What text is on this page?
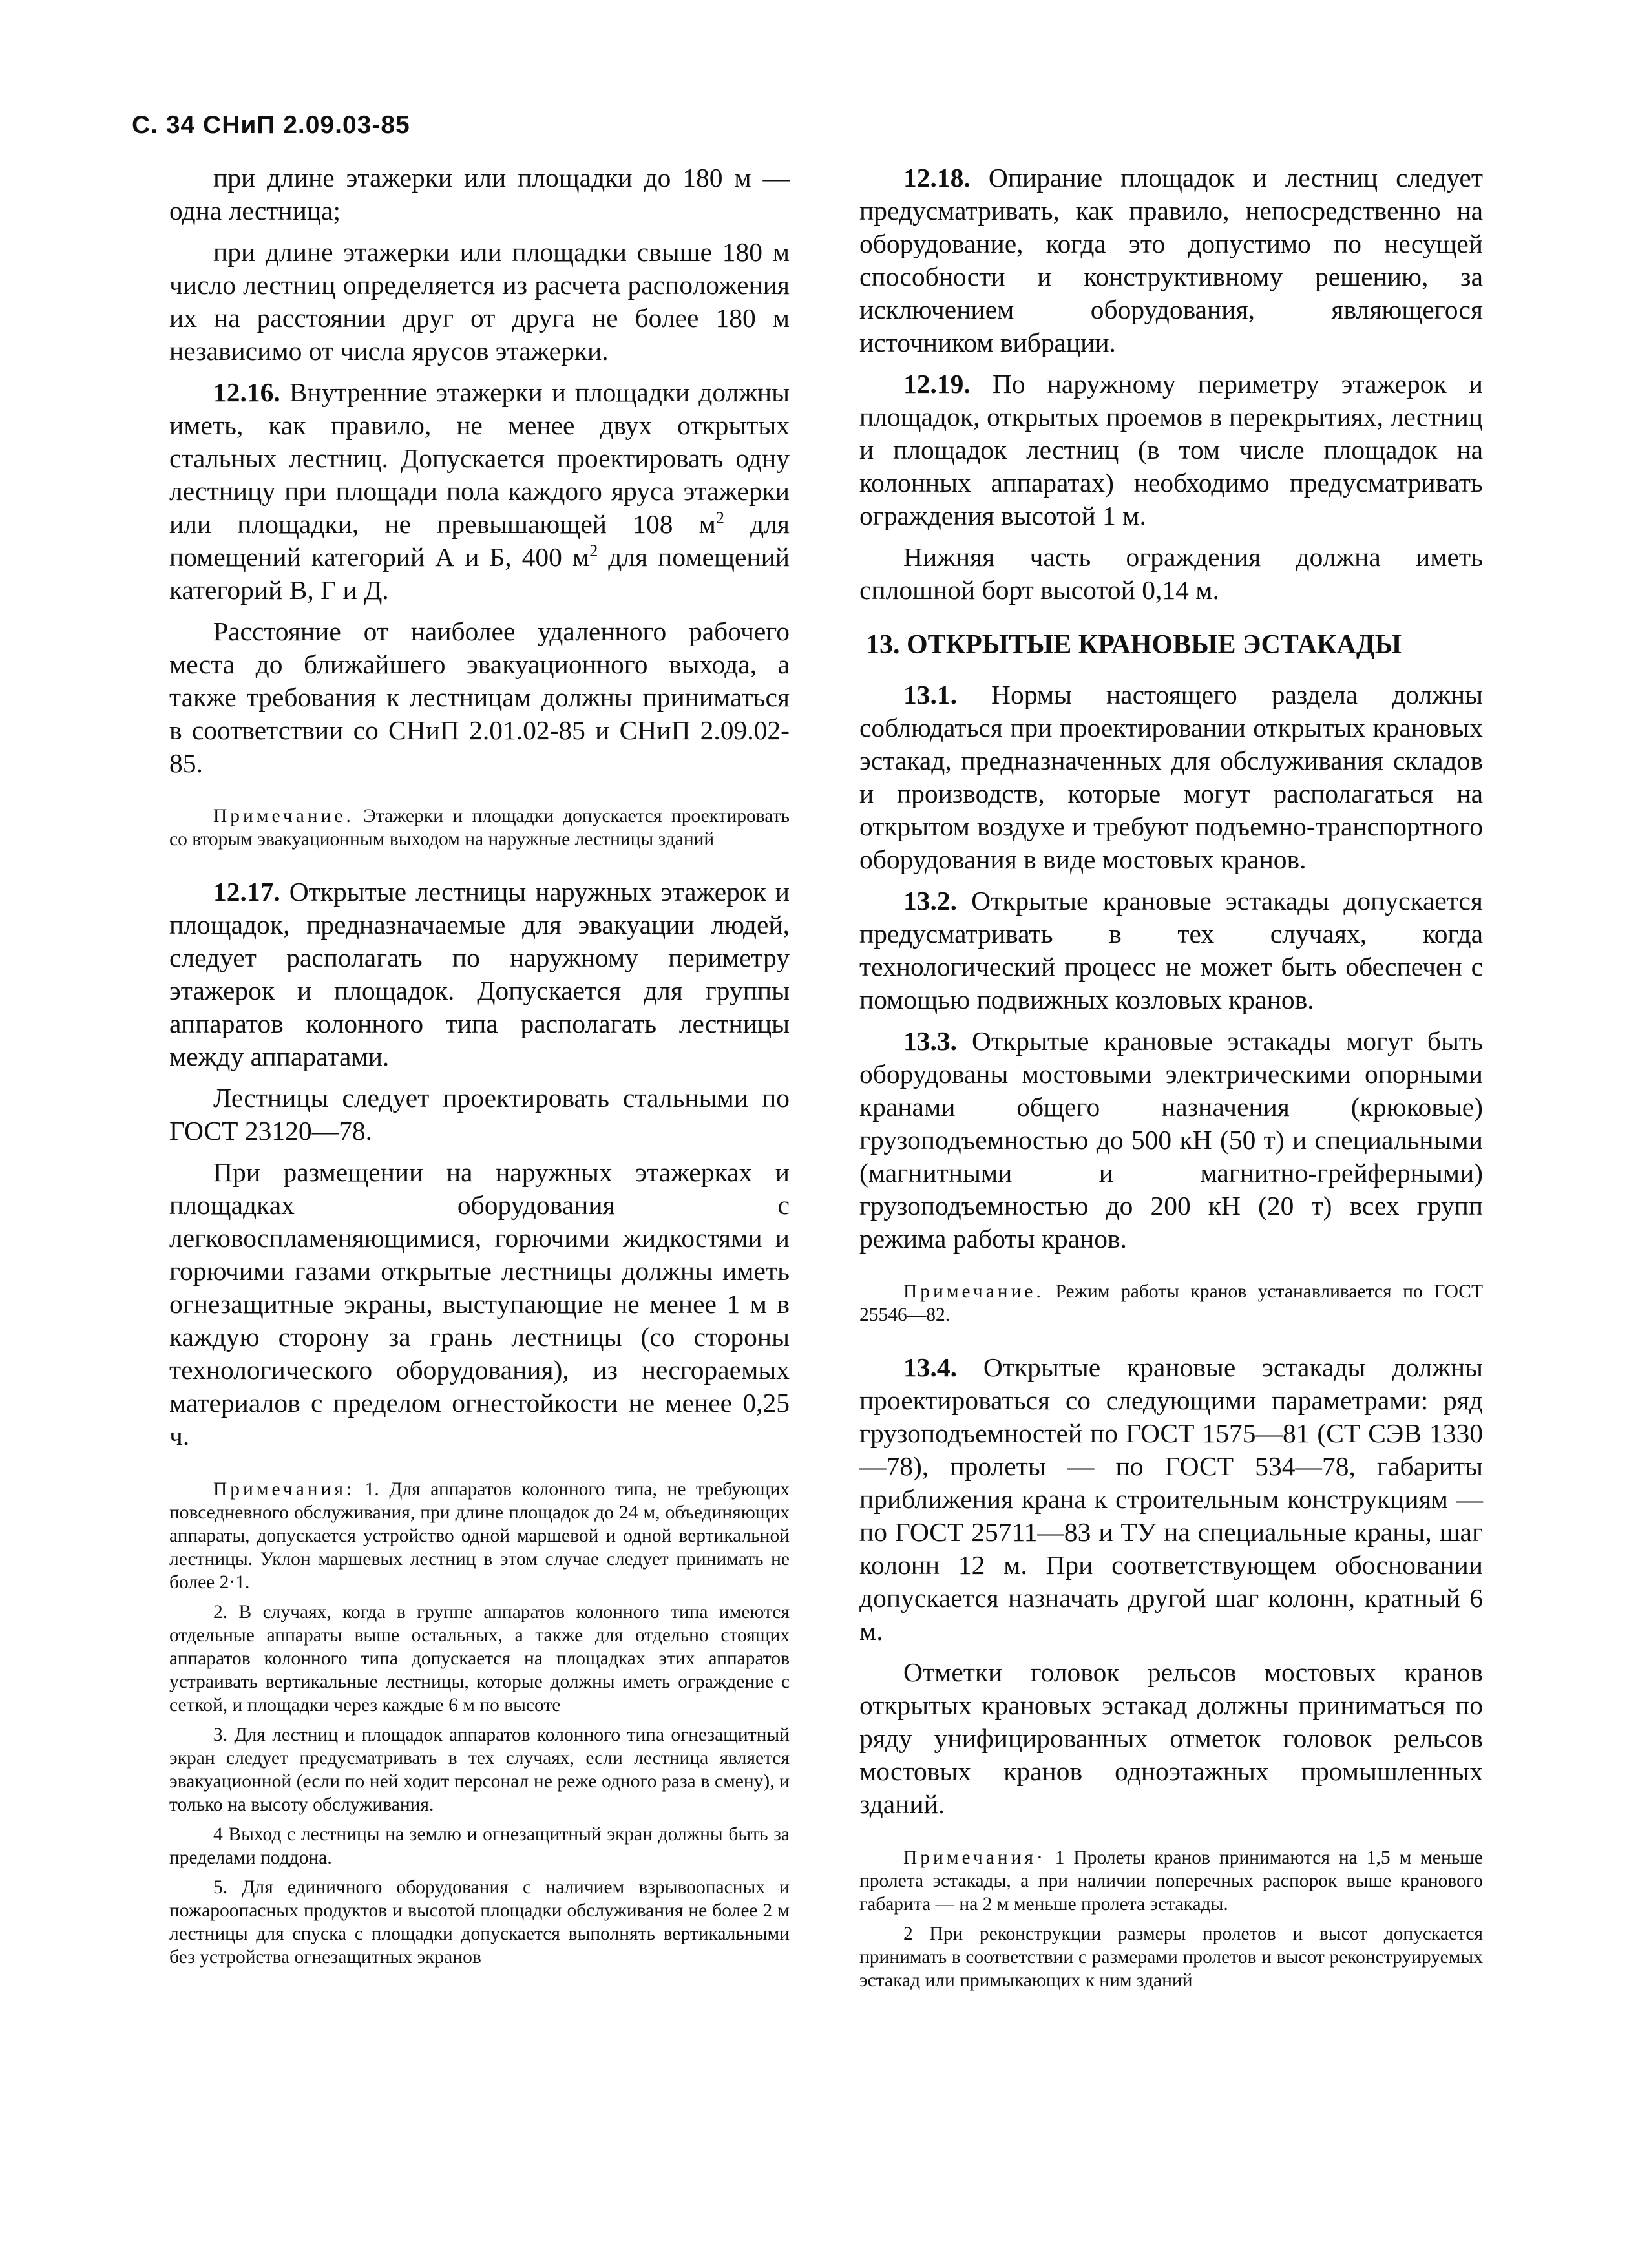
С. 34 СНиП 2.09.03-85

при длине этажерки или площадки до 180 м — одна лестница;

при длине этажерки или площадки свыше 180 м число лестниц определяется из расчета расположения их на расстоянии друг от друга не более 180 м независимо от числа ярусов этажерки.

12.16. Внутренние этажерки и площадки должны иметь, как правило, не менее двух открытых стальных лестниц. Допускается проектировать одну лестницу при площади пола каждого яруса этажерки или площадки, не превышающей 108 $м^2$ для помещений категорий А и Б, 400 $м^2$ для помещений категорий В, Г и Д.

Расстояние от наиболее удаленного рабочего места до ближайшего эвакуационного выхода, а также требования к лестницам должны приниматься в соответствии со СНиП 2.01.02-85 и СНиП 2.09.02-85.

Примечание. Этажерки и площадки допускается проектировать со вторым эвакуационным выходом на наружные лестницы зданий

12.17. Открытые лестницы наружных этажерок и площадок, предназначаемые для эвакуации людей, следует располагать по наружному периметру этажерок и площадок. Допускается для группы аппаратов колонного типа располагать лестницы между аппаратами.

Лестницы следует проектировать стальными по ГОСТ 23120—78.

При размещении на наружных этажерках и площадках оборудования с легковоспламеняющимися, горючими жидкостями и горючими газами открытые лестницы должны иметь огнезащитные экраны, выступающие не менее 1 м в каждую сторону за грань лестницы (со стороны технологического оборудования), из несгораемых материалов с пределом огнестойкости не менее 0,25 ч.

Примечания: 1. Для аппаратов колонного типа, не требующих повседневного обслуживания, при длине площадок до 24 м, объединяющих аппараты, допускается устройство одной маршевой и одной вертикальной лестницы. Уклон маршевых лестниц в этом случае следует принимать не более 2·1.

2. В случаях, когда в группе аппаратов колонного типа имеются отдельные аппараты выше остальных, а также для отдельно стоящих аппаратов колонного типа допускается на площадках этих аппаратов устраивать вертикальные лестницы, которые должны иметь ограждение с сеткой, и площадки через каждые 6 м по высоте

3. Для лестниц и площадок аппаратов колонного типа огнезащитный экран следует предусматривать в тех случаях, если лестница является эвакуационной (если по ней ходит персонал не реже одного раза в смену), и только на высоту обслуживания.

4 Выход с лестницы на землю и огнезащитный экран должны быть за пределами поддона.

5. Для единичного оборудования с наличием взрывоопасных и пожароопасных продуктов и высотой площадки обслуживания не более 2 м лестницы для спуска с площадки допускается выполнять вертикальными без устройства огнезащитных экранов

12.18. Опирание площадок и лестниц следует предусматривать, как правило, непосредственно на оборудование, когда это допустимо по несущей способности и конструктивному решению, за исключением оборудования, являющегося источником вибрации.

12.19. По наружному периметру этажерок и площадок, открытых проемов в перекрытиях, лестниц и площадок лестниц (в том числе площадок на колонных аппаратах) необходимо предусматривать ограждения высотой 1 м.

Нижняя часть ограждения должна иметь сплошной борт высотой 0,14 м.

13. ОТКРЫТЫЕ КРАНОВЫЕ ЭСТАКАДЫ

13.1. Нормы настоящего раздела должны соблюдаться при проектировании открытых крановых эстакад, предназначенных для обслуживания складов и производств, которые могут располагаться на открытом воздухе и требуют подъемно-транспортного оборудования в виде мостовых кранов.

13.2. Открытые крановые эстакады допускается предусматривать в тех случаях, когда технологический процесс не может быть обеспечен с помощью подвижных козловых кранов.

13.3. Открытые крановые эстакады могут быть оборудованы мостовыми электрическими опорными кранами общего назначения (крюковые) грузоподъемностью до 500 кН (50 т) и специальными (магнитными и магнитно-грейферными) грузоподъемностью до 200 кН (20 т) всех групп режима работы кранов.

Примечание. Режим работы кранов устанавливается по ГОСТ 25546—82.

13.4. Открытые крановые эстакады должны проектироваться со следующими параметрами: ряд грузоподъемностей по ГОСТ 1575—81 (СТ СЭВ 1330—78), пролеты — по ГОСТ 534—78, габариты приближения крана к строительным конструкциям — по ГОСТ 25711—83 и ТУ на специальные краны, шаг колонн 12 м. При соответствующем обосновании допускается назначать другой шаг колонн, кратный 6 м.

Отметки головок рельсов мостовых кранов открытых крановых эстакад должны приниматься по ряду унифицированных отметок головок рельсов мостовых кранов одноэтажных промышленных зданий.

Примечания· 1 Пролеты кранов принимаются на 1,5 м меньше пролета эстакады, а при наличии поперечных распорок выше кранового габарита — на 2 м меньше пролета эстакады.

2 При реконструкции размеры пролетов и высот допускается принимать в соответствии с размерами пролетов и высот реконструируемых эстакад или примыкающих к ним зданий
